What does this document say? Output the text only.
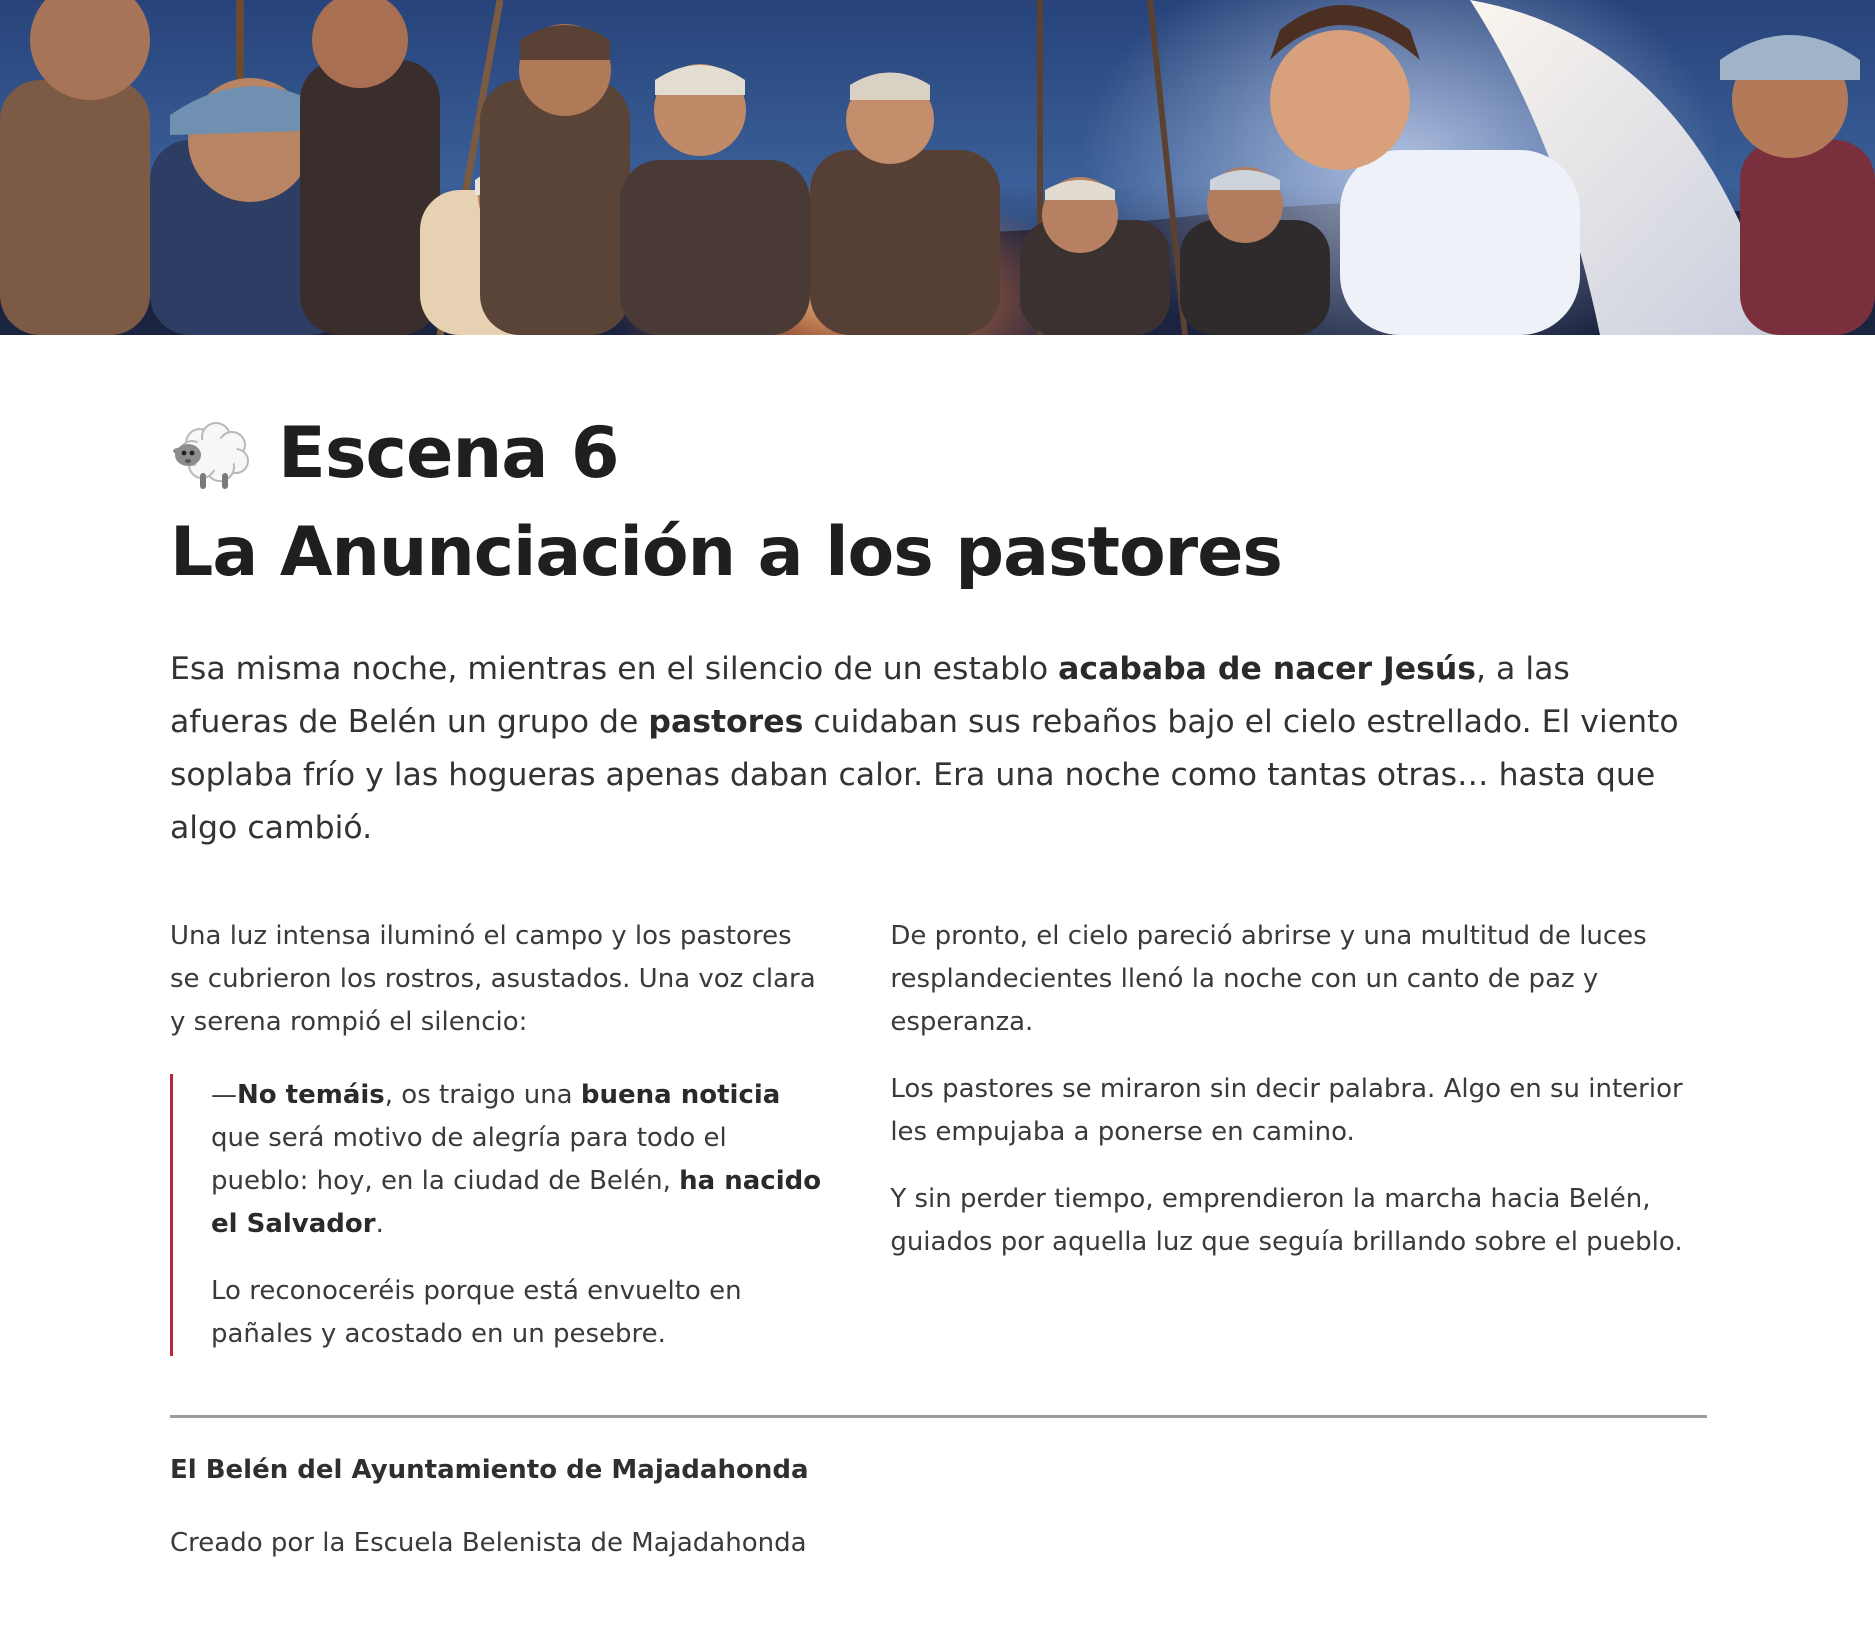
Escena 6
La Anunciación a los pastores

Esa misma noche, mientras en el silencio de un establo acababa de nacer Jesús, a las afueras de Belén un grupo de pastores cuidaban sus rebaños bajo el cielo estrellado. El viento soplaba frío y las hogueras apenas daban calor. Era una noche como tantas otras… hasta que algo cambió.

Una luz intensa iluminó el campo y los pastores se cubrieron los rostros, asustados. Una voz clara y serena rompió el silencio:

—No temáis, os traigo una buena noticia que será motivo de alegría para todo el pueblo: hoy, en la ciudad de Belén, ha nacido el Salvador.

Lo reconoceréis porque está envuelto en pañales y acostado en un pesebre.

De pronto, el cielo pareció abrirse y una multitud de luces resplandecientes llenó la noche con un canto de paz y esperanza.

Los pastores se miraron sin decir palabra. Algo en su interior les empujaba a ponerse en camino.

Y sin perder tiempo, emprendieron la marcha hacia Belén, guiados por aquella luz que seguía brillando sobre el pueblo.

El Belén del Ayuntamiento de Majadahonda
Creado por la Escuela Belenista de Majadahonda
